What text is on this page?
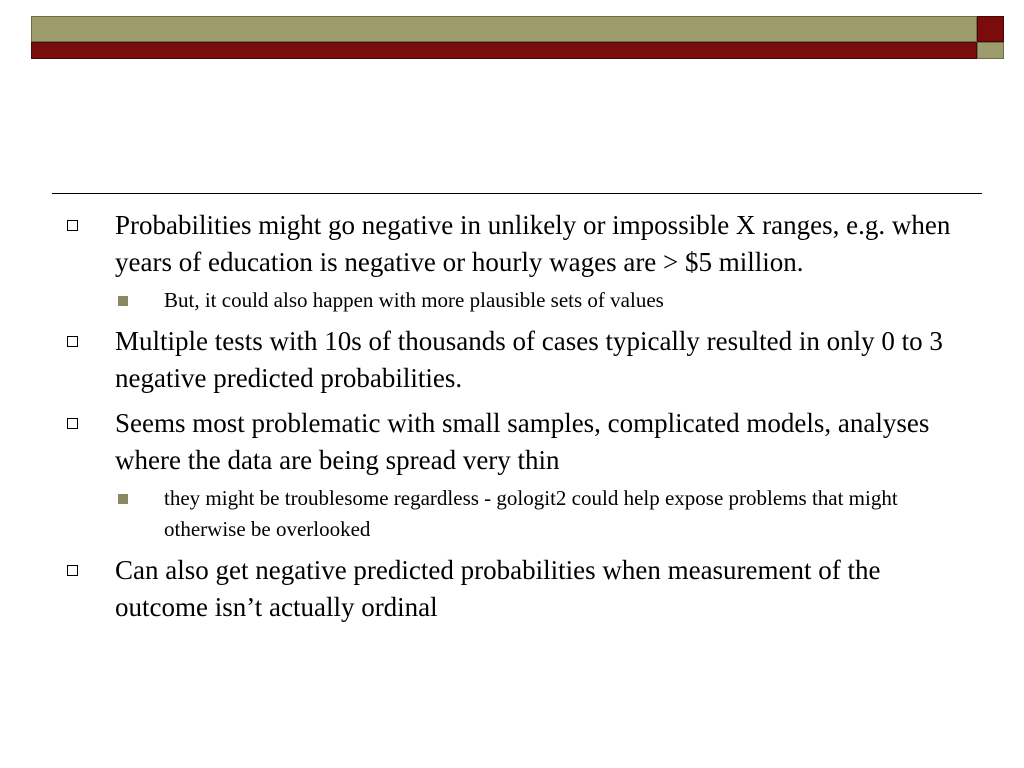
Probabilities might go negative in unlikely or impossible X ranges, e.g. when years of education is negative or hourly wages are > $5 million.
But, it could also happen with more plausible sets of values
Multiple tests with 10s of thousands of cases typically resulted in only 0 to 3 negative predicted probabilities.
Seems most problematic with small samples, complicated models, analyses where the data are being spread very thin
they might be troublesome regardless - gologit2 could help expose problems that might otherwise be overlooked
Can also get negative predicted probabilities when measurement of the outcome isn’t actually ordinal
